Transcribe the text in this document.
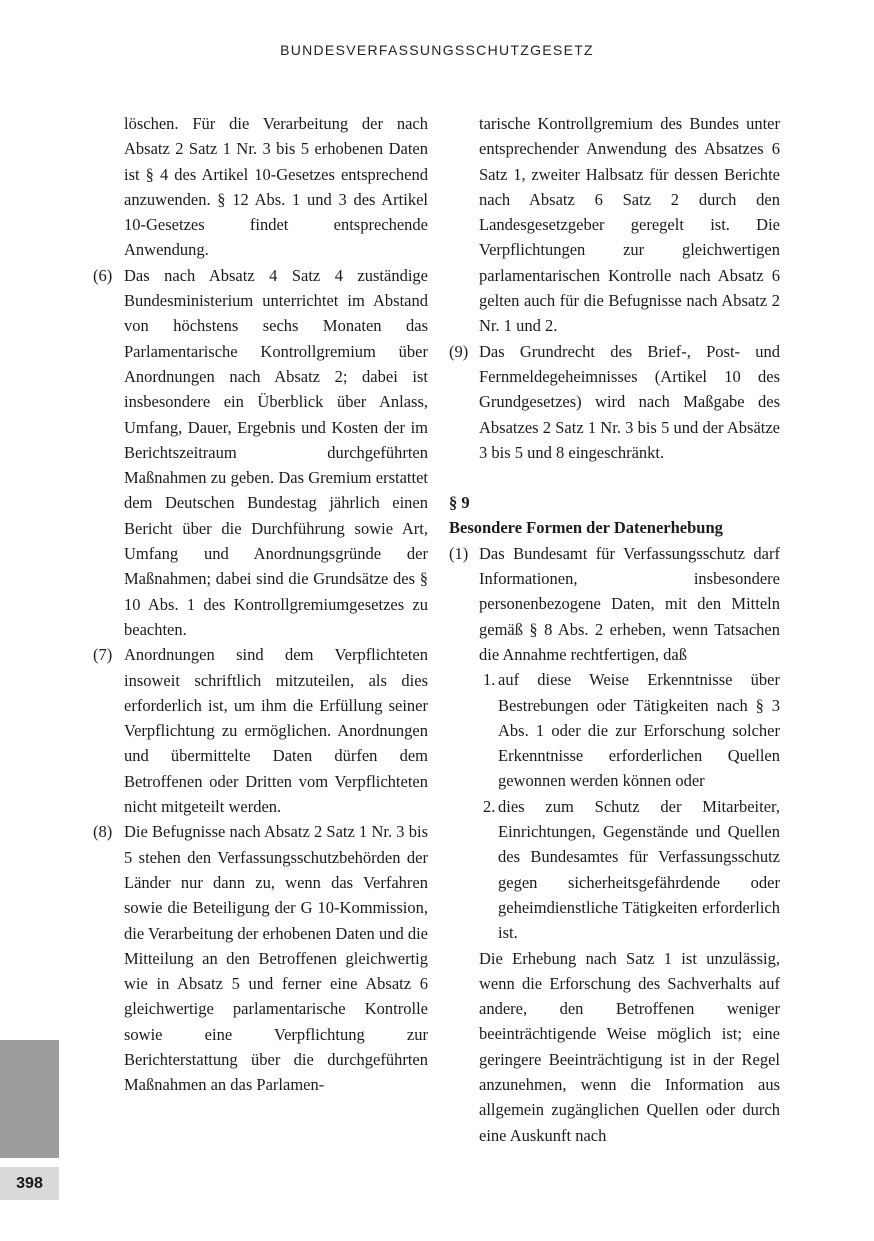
BUNDESVERFASSUNGSSCHUTZGESETZ
löschen. Für die Verarbeitung der nach Absatz 2 Satz 1 Nr. 3 bis 5 erhobenen Daten ist § 4 des Artikel 10-Gesetzes entsprechend anzuwenden. § 12 Abs. 1 und 3 des Artikel 10-Gesetzes findet entsprechende Anwendung.
(6) Das nach Absatz 4 Satz 4 zuständige Bundesministerium unterrichtet im Abstand von höchstens sechs Monaten das Parlamentarische Kontrollgremium über Anordnungen nach Absatz 2; dabei ist insbesondere ein Überblick über Anlass, Umfang, Dauer, Ergebnis und Kosten der im Berichtszeitraum durchgeführten Maßnahmen zu geben. Das Gremium erstattet dem Deutschen Bundestag jährlich einen Bericht über die Durchführung sowie Art, Umfang und Anordnungsgründe der Maßnahmen; dabei sind die Grundsätze des § 10 Abs. 1 des Kontrollgremiumgesetzes zu beachten.
(7) Anordnungen sind dem Verpflichteten insoweit schriftlich mitzuteilen, als dies erforderlich ist, um ihm die Erfüllung seiner Verpflichtung zu ermöglichen. Anordnungen und übermittelte Daten dürfen dem Betroffenen oder Dritten vom Verpflichteten nicht mitgeteilt werden.
(8) Die Befugnisse nach Absatz 2 Satz 1 Nr. 3 bis 5 stehen den Verfassungsschutzbehörden der Länder nur dann zu, wenn das Verfahren sowie die Beteiligung der G 10-Kommission, die Verarbeitung der erhobenen Daten und die Mitteilung an den Betroffenen gleichwertig wie in Absatz 5 und ferner eine Absatz 6 gleichwertige parlamentarische Kontrolle sowie eine Verpflichtung zur Berichterstattung über die durchgeführten Maßnahmen an das Parlamen-
tarische Kontrollgremium des Bundes unter entsprechender Anwendung des Absatzes 6 Satz 1, zweiter Halbsatz für dessen Berichte nach Absatz 6 Satz 2 durch den Landesgesetzgeber geregelt ist. Die Verpflichtungen zur gleichwertigen parlamentarischen Kontrolle nach Absatz 6 gelten auch für die Befugnisse nach Absatz 2 Nr. 1 und 2.
(9) Das Grundrecht des Brief-, Post- und Fernmeldegeheimnisses (Artikel 10 des Grundgesetzes) wird nach Maßgabe des Absatzes 2 Satz 1 Nr. 3 bis 5 und der Absätze 3 bis 5 und 8 eingeschränkt.
§ 9
Besondere Formen der Datenerhebung
(1) Das Bundesamt für Verfassungsschutz darf Informationen, insbesondere personenbezogene Daten, mit den Mitteln gemäß § 8 Abs. 2 erheben, wenn Tatsachen die Annahme rechtfertigen, daß
1. auf diese Weise Erkenntnisse über Bestrebungen oder Tätigkeiten nach § 3 Abs. 1 oder die zur Erforschung solcher Erkenntnisse erforderlichen Quellen gewonnen werden können oder
2. dies zum Schutz der Mitarbeiter, Einrichtungen, Gegenstände und Quellen des Bundesamtes für Verfassungsschutz gegen sicherheitsgefährdende oder geheimdienstliche Tätigkeiten erforderlich ist.
Die Erhebung nach Satz 1 ist unzulässig, wenn die Erforschung des Sachverhalts auf andere, den Betroffenen weniger beeinträchtigende Weise möglich ist; eine geringere Beeinträchtigung ist in der Regel anzunehmen, wenn die Information aus allgemein zugänglichen Quellen oder durch eine Auskunft nach
398
